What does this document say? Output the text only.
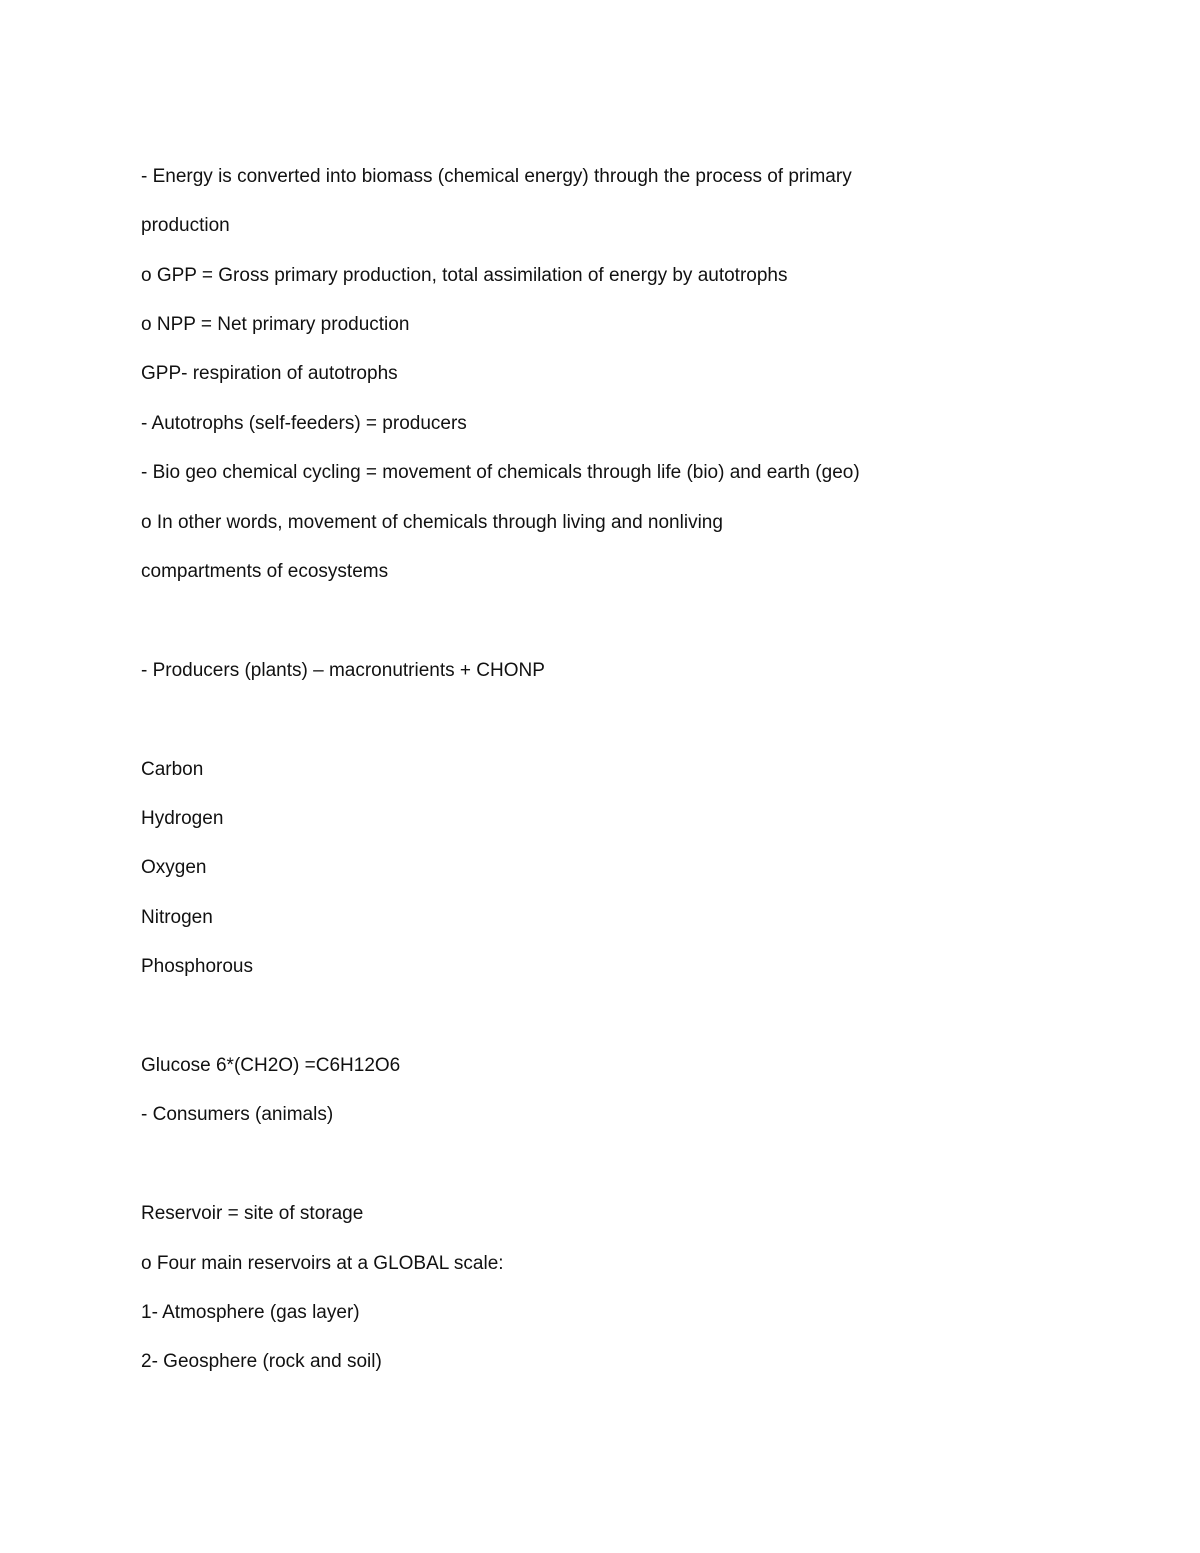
- Energy is converted into biomass (chemical energy) through the process of primary

production

o GPP = Gross primary production, total assimilation of energy by autotrophs

o NPP = Net primary production

GPP- respiration of autotrophs

- Autotrophs (self-feeders) = producers

- Bio geo chemical cycling = movement of chemicals through life (bio) and earth (geo)

o In other words, movement of chemicals through living and nonliving

compartments of ecosystems

- Producers (plants) – macronutrients + CHONP

Carbon

Hydrogen

Oxygen

Nitrogen

Phosphorous

Glucose 6*(CH2O) =C6H12O6

- Consumers (animals)

Reservoir = site of storage

o Four main reservoirs at a GLOBAL scale:

1- Atmosphere (gas layer)

2- Geosphere (rock and soil)
